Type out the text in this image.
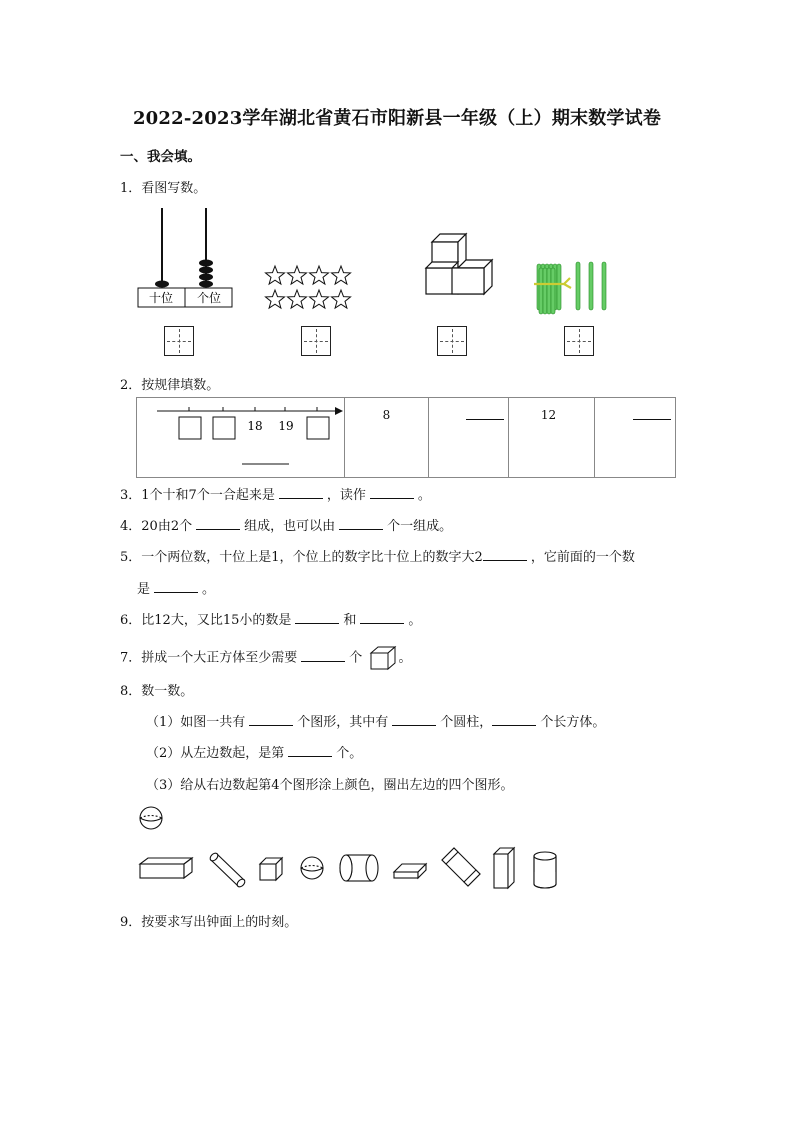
2022-2023学年湖北省黄石市阳新县一年级（上）期末数学试卷
一、我会填。
1．看图写数。
十位 个位
2．按规律填数。
18 19

8		12

3．1个十和7个一合起来是	，读作	。
4．20由2个	组成，也可以由	个一组成。
5．一个两位数，十位上是1，个位上的数字比十位上的数字大2	，它前面的一个数
是	。
6．比12大，又比15小的数是	和	。
7．拼成一个大正方体至少需要	个	。
8．数一数。
（1）如图一共有	个图形，其中有	个圆柱，	个长方体。
（2）从左边数起，是第	个。
（3）给从右边数起第4个图形涂上颜色，圈出左边的四个图形。
9．按要求写出钟面上的时刻。
